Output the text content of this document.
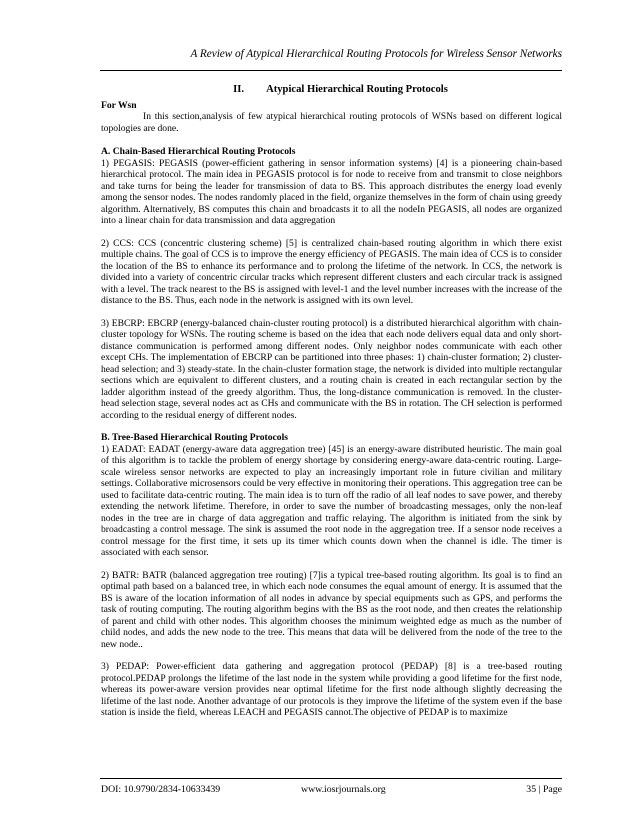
A Review of Atypical Hierarchical Routing Protocols for Wireless Sensor Networks
II. Atypical Hierarchical Routing Protocols

For Wsn

In this section,analysis of few atypical hierarchical routing protocols of WSNs based on different logical topologies are done.

A. Chain-Based Hierarchical Routing Protocols

1) PEGASIS: PEGASIS (power-efficient gathering in sensor information systems) [4] is a pioneering chain-based hierarchical protocol. The main idea in PEGASIS protocol is for node to receive from and transmit to close neighbors and take turns for being the leader for transmission of data to BS. This approach distributes the energy load evenly among the sensor nodes. The nodes randomly placed in the field, organize themselves in the form of chain using greedy algorithm. Alternatively, BS computes this chain and broadcasts it to all the nodeIn PEGASIS, all nodes are organized into a linear chain for data transmission and data aggregation

2) CCS: CCS (concentric clustering scheme) [5] is centralized chain-based routing algorithm in which there exist multiple chains. The goal of CCS is to improve the energy efficiency of PEGASIS. The main idea of CCS is to consider the location of the BS to enhance its performance and to prolong the lifetime of the network. In CCS, the network is divided into a variety of concentric circular tracks which represent different clusters and each circular track is assigned with a level. The track nearest to the BS is assigned with level-1 and the level number increases with the increase of the distance to the BS. Thus, each node in the network is assigned with its own level.

3) EBCRP: EBCRP (energy-balanced chain-cluster routing protocol) is a distributed hierarchical algorithm with chain-cluster topology for WSNs. The routing scheme is based on the idea that each node delivers equal data and only short-distance communication is performed among different nodes. Only neighbor nodes communicate with each other except CHs. The implementation of EBCRP can be partitioned into three phases: 1) chain-cluster formation; 2) cluster-head selection; and 3) steady-state. In the chain-cluster formation stage, the network is divided into multiple rectangular sections which are equivalent to different clusters, and a routing chain is created in each rectangular section by the ladder algorithm instead of the greedy algorithm. Thus, the long-distance communication is removed. In the cluster-head selection stage, several nodes act as CHs and communicate with the BS in rotation. The CH selection is performed according to the residual energy of different nodes.

B. Tree-Based Hierarchical Routing Protocols

1) EADAT: EADAT (energy-aware data aggregation tree) [45] is an energy-aware distributed heuristic. The main goal of this algorithm is to tackle the problem of energy shortage by considering energy-aware data-centric routing. Large-scale wireless sensor networks are expected to play an increasingly important role in future civilian and military settings. Collaborative microsensors could be very effective in monitoring their operations. This aggregation tree can be used to facilitate data-centric routing. The main idea is to turn off the radio of all leaf nodes to save power, and thereby extending the network lifetime. Therefore, in order to save the number of broadcasting messages, only the non-leaf nodes in the tree are in charge of data aggregation and traffic relaying. The algorithm is initiated from the sink by broadcasting a control message. The sink is assumed the root node in the aggregation tree. If a sensor node receives a control message for the first time, it sets up its timer which counts down when the channel is idle. The timer is associated with each sensor.

2) BATR: BATR (balanced aggregation tree routing) [7]is a typical tree-based routing algorithm. Its goal is to find an optimal path based on a balanced tree, in which each node consumes the equal amount of energy. It is assumed that the BS is aware of the location information of all nodes in advance by special equipments such as GPS, and performs the task of routing computing. The routing algorithm begins with the BS as the root node, and then creates the relationship of parent and child with other nodes. This algorithm chooses the minimum weighted edge as much as the number of child nodes, and adds the new node to the tree. This means that data will be delivered from the node of the tree to the new node..

3) PEDAP: Power-efficient data gathering and aggregation protocol (PEDAP) [8] is a tree-based routing protocol.PEDAP prolongs the lifetime of the last node in the system while providing a good lifetime for the first node, whereas its power-aware version provides near optimal lifetime for the first node although slightly decreasing the lifetime of the last node. Another advantage of our protocols is they improve the lifetime of the system even if the base station is inside the field, whereas LEACH and PEGASIS cannot.The objective of PEDAP is to maximize

DOI: 10.9790/2834-10633439	www.iosrjournals.org	35 | Page
